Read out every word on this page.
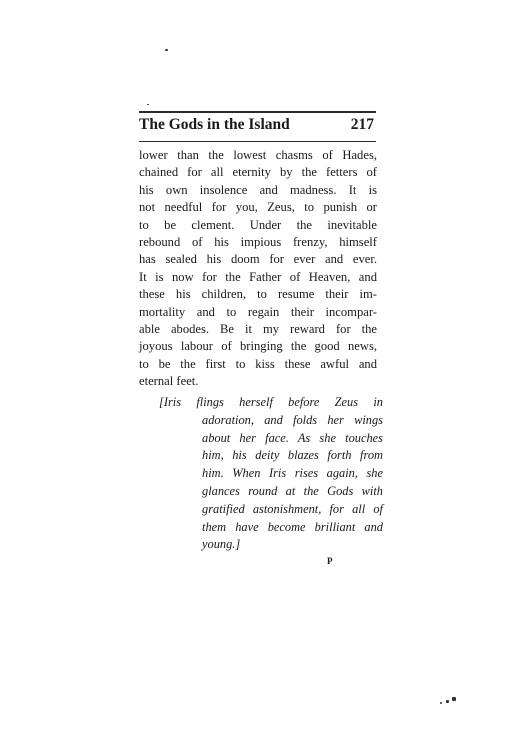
The Gods in the Island	217
lower than the lowest chasms of Hades,
chained for all eternity by the fetters of
his own insolence and madness. It is
not needful for you, Zeus, to punish or
to be clement. Under the inevitable
rebound of his impious frenzy, himself
has sealed his doom for ever and ever.
It is now for the Father of Heaven, and
these his children, to resume their im-
mortality and to regain their incompar-
able abodes. Be it my reward for the
joyous labour of bringing the good news,
to be the first to kiss these awful and
eternal feet.
[Iris flings herself before Zeus in
adoration, and folds her wings
about her face. As she touches
him, his deity blazes forth from
him. When Iris rises again, she
glances round at the Gods with
gratified astonishment, for all of
them have become brilliant and
young.]
P
